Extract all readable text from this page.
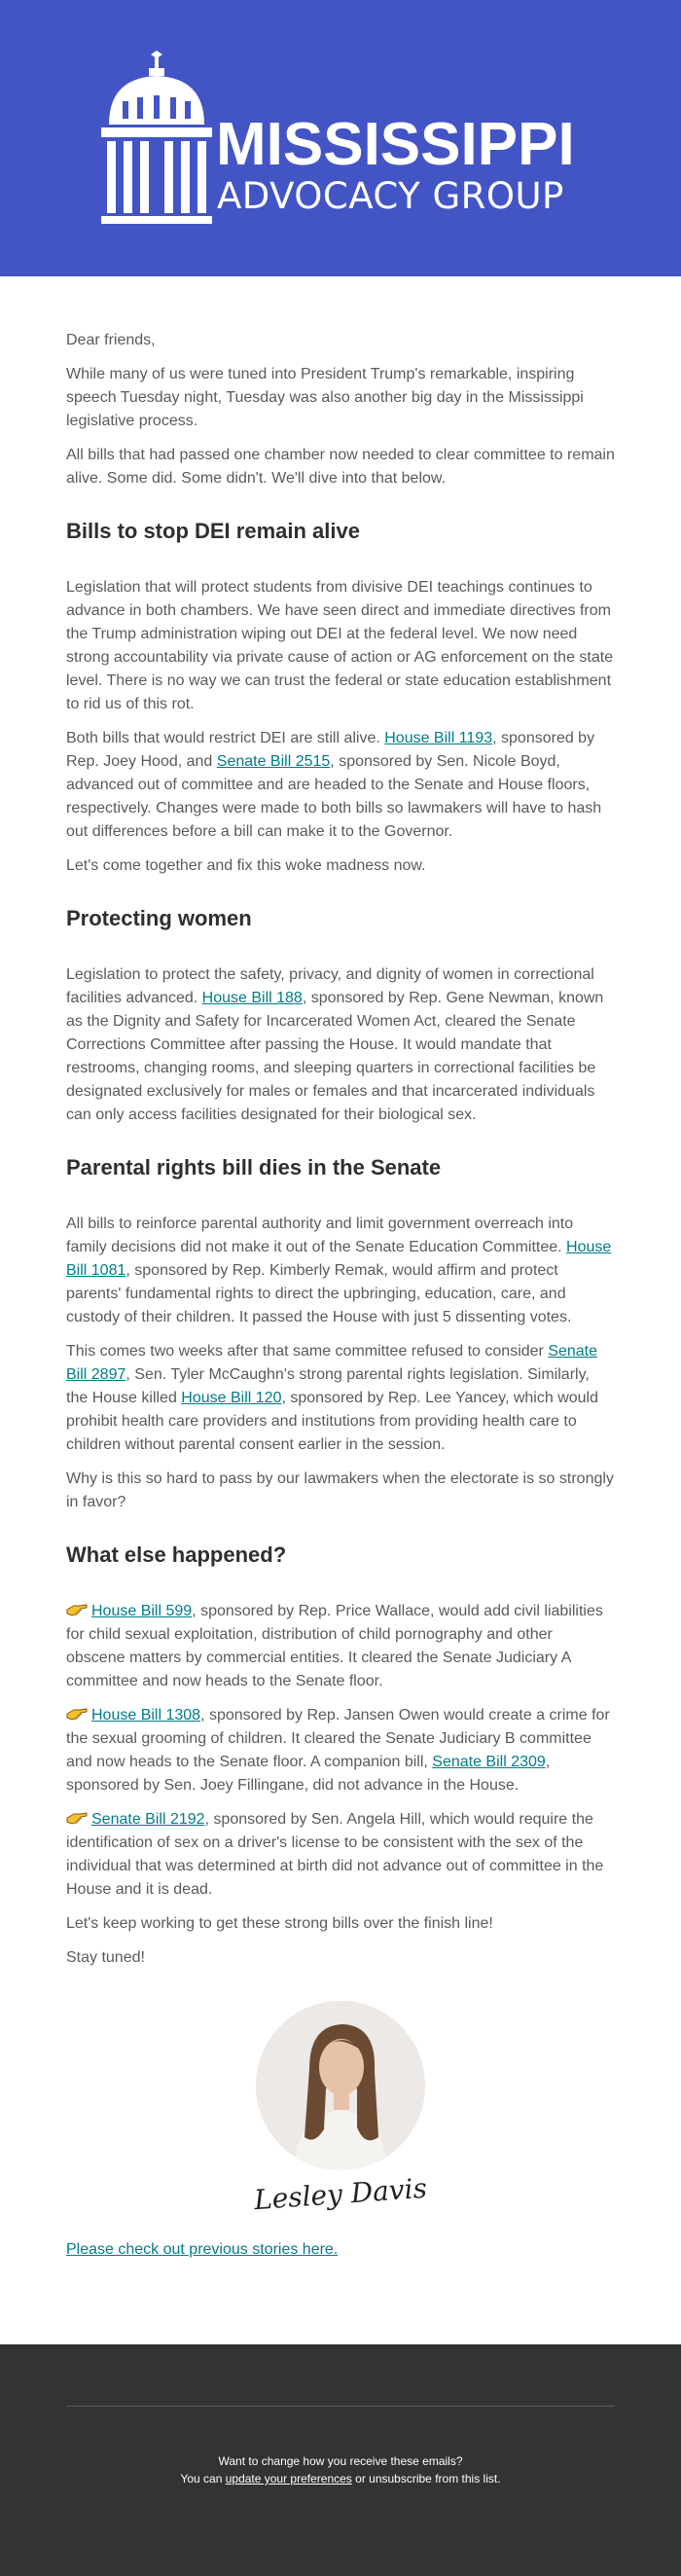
MISSISSIPPI
ADVOCACY GROUP

Dear friends,

While many of us were tuned into President Trump's remarkable, inspiring speech Tuesday night, Tuesday was also another big day in the Mississippi legislative process.

All bills that had passed one chamber now needed to clear committee to remain alive. Some did. Some didn't. We'll dive into that below.

Bills to stop DEI remain alive

Legislation that will protect students from divisive DEI teachings continues to advance in both chambers. We have seen direct and immediate directives from the Trump administration wiping out DEI at the federal level. We now need strong accountability via private cause of action or AG enforcement on the state level. There is no way we can trust the federal or state education establishment to rid us of this rot.

Both bills that would restrict DEI are still alive. House Bill 1193, sponsored by Rep. Joey Hood, and Senate Bill 2515, sponsored by Sen. Nicole Boyd, advanced out of committee and are headed to the Senate and House floors, respectively. Changes were made to both bills so lawmakers will have to hash out differences before a bill can make it to the Governor.

Let's come together and fix this woke madness now.

Protecting women

Legislation to protect the safety, privacy, and dignity of women in correctional facilities advanced. House Bill 188, sponsored by Rep. Gene Newman, known as the Dignity and Safety for Incarcerated Women Act, cleared the Senate Corrections Committee after passing the House. It would mandate that restrooms, changing rooms, and sleeping quarters in correctional facilities be designated exclusively for males or females and that incarcerated individuals can only access facilities designated for their biological sex.

Parental rights bill dies in the Senate

All bills to reinforce parental authority and limit government overreach into family decisions did not make it out of the Senate Education Committee. House Bill 1081, sponsored by Rep. Kimberly Remak, would affirm and protect parents' fundamental rights to direct the upbringing, education, care, and custody of their children. It passed the House with just 5 dissenting votes.

This comes two weeks after that same committee refused to consider Senate Bill 2897, Sen. Tyler McCaughn's strong parental rights legislation. Similarly, the House killed House Bill 120, sponsored by Rep. Lee Yancey, which would prohibit health care providers and institutions from providing health care to children without parental consent earlier in the session.

Why is this so hard to pass by our lawmakers when the electorate is so strongly in favor?

What else happened?

House Bill 599, sponsored by Rep. Price Wallace, would add civil liabilities for child sexual exploitation, distribution of child pornography and other obscene matters by commercial entities. It cleared the Senate Judiciary A committee and now heads to the Senate floor.

House Bill 1308, sponsored by Rep. Jansen Owen would create a crime for the sexual grooming of children. It cleared the Senate Judiciary B committee and now heads to the Senate floor. A companion bill, Senate Bill 2309, sponsored by Sen. Joey Fillingane, did not advance in the House.

Senate Bill 2192, sponsored by Sen. Angela Hill, which would require the identification of sex on a driver's license to be consistent with the sex of the individual that was determined at birth did not advance out of committee in the House and it is dead.

Let's keep working to get these strong bills over the finish line!

Stay tuned!

Lesley Davis
Please check out previous stories here.
Want to change how you receive these emails?
You can update your preferences or unsubscribe from this list.
